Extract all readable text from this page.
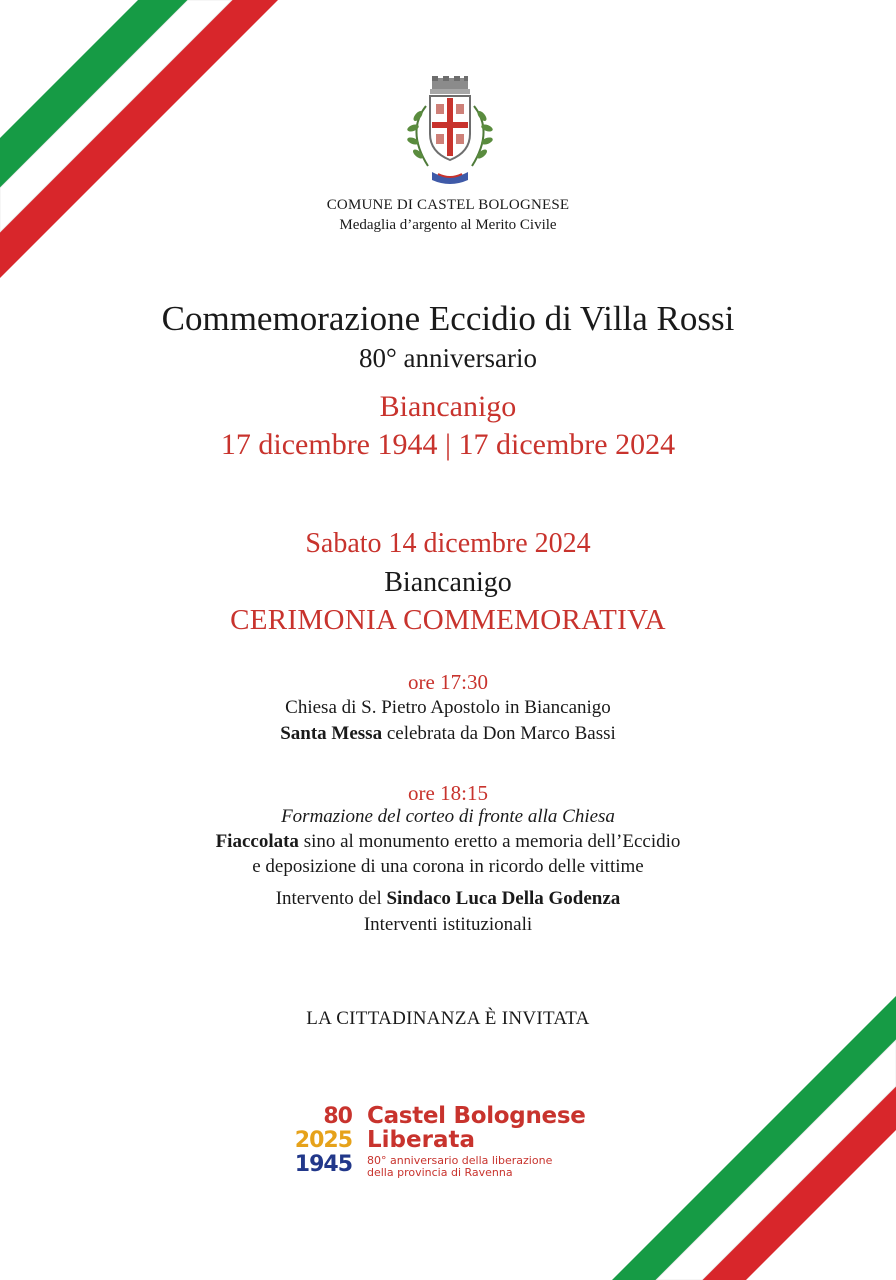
COMUNE DI CASTEL BOLOGNESE
Medaglia d’argento al Merito Civile
Commemorazione Eccidio di Villa Rossi
80° anniversario
Biancanigo
17 dicembre 1944 | 17 dicembre 2024
Sabato 14 dicembre 2024
Biancanigo
CERIMONIA COMMEMORATIVA
ore 17:30
Chiesa di S. Pietro Apostolo in Biancanigo
Santa Messa celebrata da Don Marco Bassi
ore 18:15
Formazione del corteo di fronte alla Chiesa
Fiaccolata sino al monumento eretto a memoria dell’Eccidio
e deposizione di una corona in ricordo delle vittime
Intervento del Sindaco Luca Della Godenza
Interventi istituzionali
LA CITTADINANZA È INVITATA
80
2025
1945
Castel Bolognese
Liberata
80° anniversario della liberazione
della provincia di Ravenna
